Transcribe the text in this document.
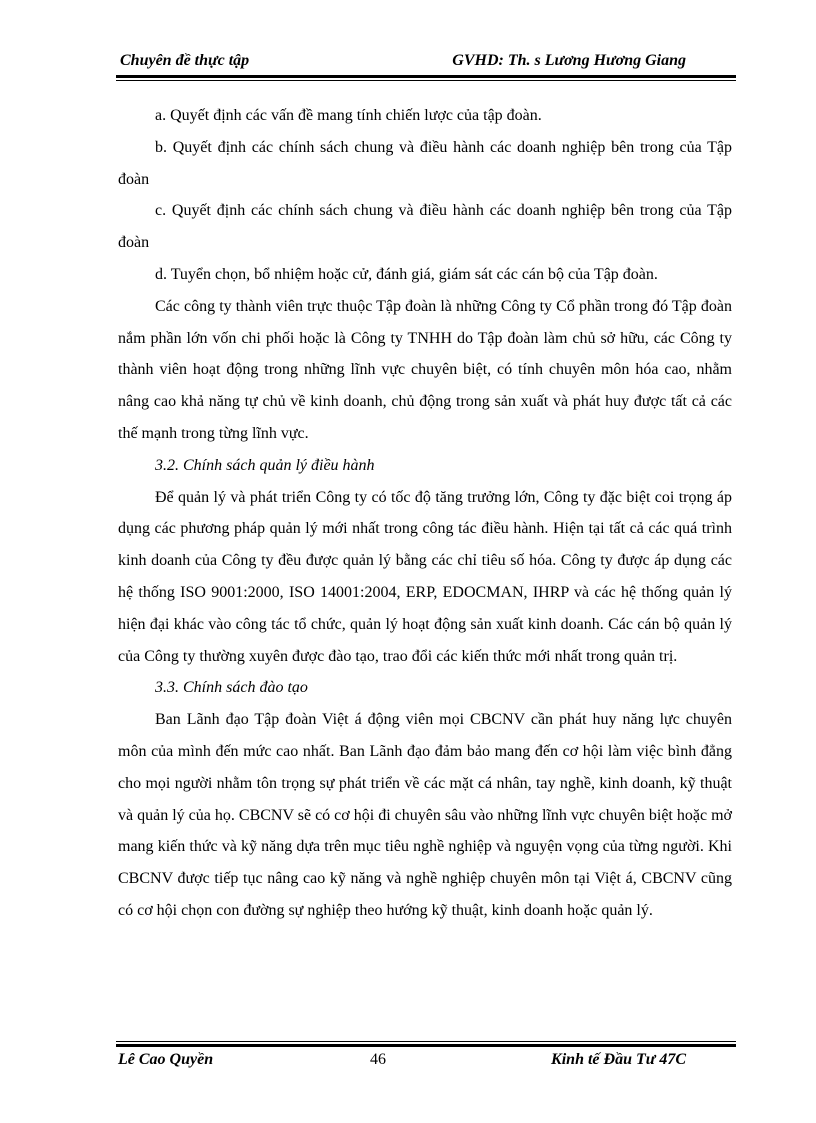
Chuyên đề thực tập	GVHD: Th. s Lương Hương Giang

a. Quyết định các vấn đề mang tính chiến lược của tập đoàn.

b. Quyết định các chính sách chung và điều hành các doanh nghiệp bên trong của Tập đoàn

c. Quyết định các chính sách chung và điều hành các doanh nghiệp bên trong của Tập đoàn

d. Tuyển chọn, bổ nhiệm hoặc cử, đánh giá, giám sát các cán bộ của Tập đoàn.

Các công ty thành viên trực thuộc Tập đoàn là những Công ty Cổ phần trong đó Tập đoàn nắm phần lớn vốn chi phối hoặc là Công ty TNHH do Tập đoàn làm chủ sở hữu, các Công ty thành viên hoạt động trong những lĩnh vực chuyên biệt, có tính chuyên môn hóa cao, nhằm nâng cao khả năng tự chủ về kinh doanh, chủ động trong sản xuất và phát huy được tất cả các thế mạnh trong từng lĩnh vực.

3.2. Chính sách quản lý điều hành

Để quản lý và phát triển Công ty có tốc độ tăng trưởng lớn, Công ty đặc biệt coi trọng áp dụng các phương pháp quản lý mới nhất trong công tác điều hành. Hiện tại tất cả các quá trình kinh doanh của Công ty đều được quản lý bằng các chỉ tiêu số hóa. Công ty được áp dụng các hệ thống ISO 9001:2000, ISO 14001:2004, ERP, EDOCMAN, IHRP và các hệ thống quản lý hiện đại khác vào công tác tổ chức, quản lý hoạt động sản xuất kinh doanh. Các cán bộ quản lý của Công ty thường xuyên được đào tạo, trao đổi các kiến thức mới nhất trong quản trị.

3.3. Chính sách đào tạo

Ban Lãnh đạo Tập đoàn Việt á động viên mọi CBCNV cần phát huy năng lực chuyên môn của mình đến mức cao nhất. Ban Lãnh đạo đảm bảo mang đến cơ hội làm việc bình đẳng cho mọi người nhằm tôn trọng sự phát triển về các mặt cá nhân, tay nghề, kinh doanh, kỹ thuật và quản lý của họ. CBCNV sẽ có cơ hội đi chuyên sâu vào những lĩnh vực chuyên biệt hoặc mở mang kiến thức và kỹ năng dựa trên mục tiêu nghề nghiệp và nguyện vọng của từng người. Khi CBCNV được tiếp tục nâng cao kỹ năng và nghề nghiệp chuyên môn tại Việt á, CBCNV cũng có cơ hội chọn con đường sự nghiệp theo hướng kỹ thuật, kinh doanh hoặc quản lý.

Lê Cao Quyền	46	Kinh tế Đầu Tư 47C
